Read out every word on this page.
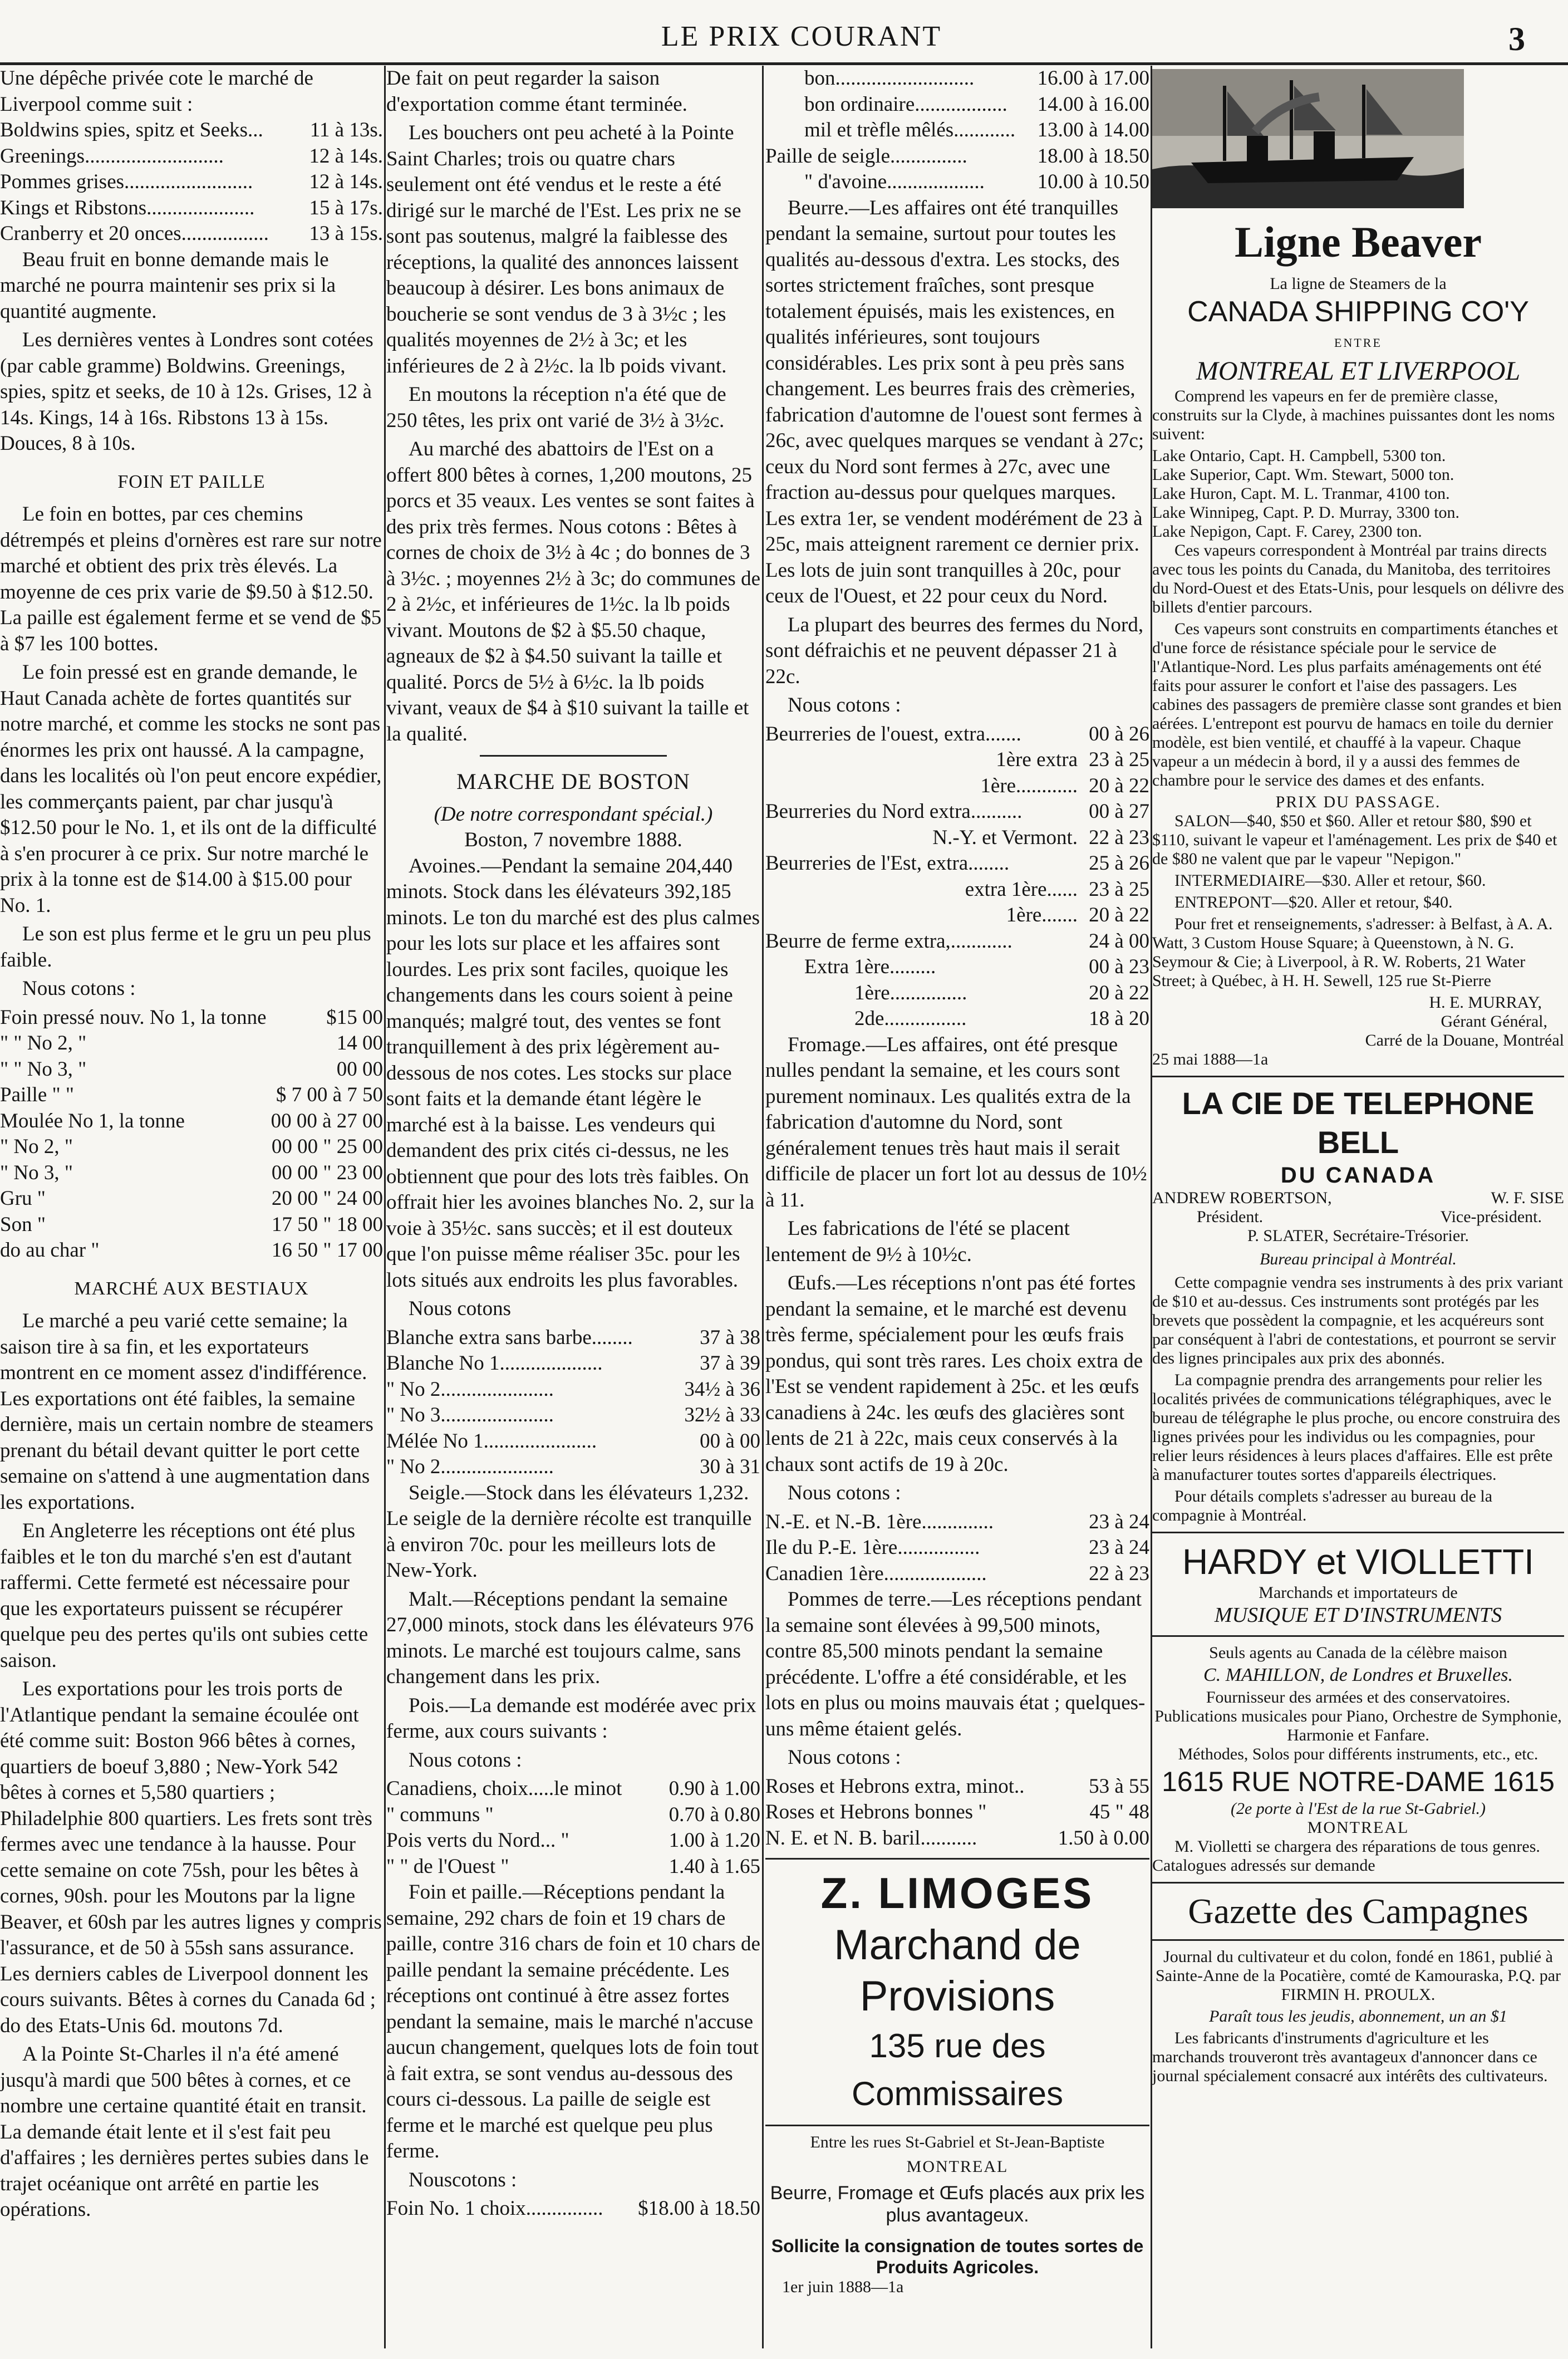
LE PRIX COURANT	3

Une dépêche privée cote le marché de

Liverpool comme suit :

Boldwins spies, spitz et Seeks...	11 à 13s.
Greenings...........................	12 à 14s.
Pommes grises.........................	12 à 14s.
Kings et Ribstons.....................	15 à 17s.
Cranberry et 20 onces.................	13 à 15s.

Beau fruit en bonne demande mais le marché ne pourra maintenir ses prix si la quantité augmente.

Les dernières ventes à Londres sont cotées (par cable gramme) Boldwins. Greenings, spies, spitz et seeks, de 10 à 12s. Grises, 12 à 14s. Kings, 14 à 16s. Ribstons 13 à 15s. Douces, 8 à 10s.

FOIN ET PAILLE

Le foin en bottes, par ces chemins détrempés et pleins d'ornères est rare sur notre marché et obtient des prix très élevés. La moyenne de ces prix varie de $9.50 à $12.50. La paille est également ferme et se vend de $5 à $7 les 100 bottes.

Le foin pressé est en grande demande, le Haut Canada achète de fortes quantités sur notre marché, et comme les stocks ne sont pas énormes les prix ont haussé. A la campagne, dans les localités où l'on peut encore expédier, les commerçants paient, par char jusqu'à $12.50 pour le No. 1, et ils ont de la difficulté à s'en procurer à ce prix. Sur notre marché le prix à la tonne est de $14.00 à $15.00 pour No. 1.

Le son est plus ferme et le gru un peu plus faible.

Nous cotons :

Foin pressé nouv. No 1, la tonne	$15 00
" " No 2, "	14 00
" " No 3, "	00 00
Paille " "	$ 7 00 à 7 50
Moulée No 1, la tonne	00 00 à 27 00
" No 2, "	00 00 " 25 00
" No 3, "	00 00 " 23 00
Gru "	20 00 " 24 00
Son "	17 50 " 18 00
do au char "	16 50 " 17 00
MARCHÉ AUX BESTIAUX

Le marché a peu varié cette semaine; la saison tire à sa fin, et les exportateurs montrent en ce moment assez d'indifférence. Les exportations ont été faibles, la semaine dernière, mais un certain nombre de steamers prenant du bétail devant quitter le port cette semaine on s'attend à une augmentation dans les exportations.

En Angleterre les réceptions ont été plus faibles et le ton du marché s'en est d'autant raffermi. Cette fermeté est nécessaire pour que les exportateurs puissent se récupérer quelque peu des pertes qu'ils ont subies cette saison.

Les exportations pour les trois ports de l'Atlantique pendant la semaine écoulée ont été comme suit: Boston 966 bêtes à cornes, quartiers de boeuf 3,880 ; New-York 542 bêtes à cornes et 5,580 quartiers ; Philadelphie 800 quartiers. Les frets sont très fermes avec une tendance à la hausse. Pour cette semaine on cote 75sh, pour les bêtes à cornes, 90sh. pour les Moutons par la ligne Beaver, et 60sh par les autres lignes y compris l'assurance, et de 50 à 55sh sans assurance. Les derniers cables de Liverpool donnent les cours suivants. Bêtes à cornes du Canada 6d ; do des Etats-Unis 6d. moutons 7d.

A la Pointe St-Charles il n'a été amené jusqu'à mardi que 500 bêtes à cornes, et ce nombre une certaine quantité était en transit. La demande était lente et il s'est fait peu d'affaires ; les dernières pertes subies dans le trajet océanique ont arrêté en partie les opérations.

De fait on peut regarder la saison d'exportation comme étant terminée.

Les bouchers ont peu acheté à la Pointe Saint Charles; trois ou quatre chars seulement ont été vendus et le reste a été dirigé sur le marché de l'Est. Les prix ne se sont pas soutenus, malgré la faiblesse des réceptions, la qualité des annonces laissent beaucoup à désirer. Les bons animaux de boucherie se sont vendus de 3 à 3½c ; les qualités moyennes de 2½ à 3c; et les inférieures de 2 à 2½c. la lb poids vivant.

En moutons la réception n'a été que de 250 têtes, les prix ont varié de 3½ à 3½c.

Au marché des abattoirs de l'Est on a offert 800 bêtes à cornes, 1,200 moutons, 25 porcs et 35 veaux. Les ventes se sont faites à des prix très fermes. Nous cotons : Bêtes à cornes de choix de 3½ à 4c ; do bonnes de 3 à 3½c. ; moyennes 2½ à 3c; do communes de 2 à 2½c, et inférieures de 1½c. la lb poids vivant. Moutons de $2 à $5.50 chaque, agneaux de $2 à $4.50 suivant la taille et qualité. Porcs de 5½ à 6½c. la lb poids vivant, veaux de $4 à $10 suivant la taille et la qualité.

MARCHE DE BOSTON
(De notre correspondant spécial.)
Boston, 7 novembre 1888.

Avoines.—Pendant la semaine 204,440 minots. Stock dans les élévateurs 392,185 minots. Le ton du marché est des plus calmes pour les lots sur place et les affaires sont lourdes. Les prix sont faciles, quoique les changements dans les cours soient à peine manqués; malgré tout, des ventes se font tranquillement à des prix légèrement au-dessous de nos cotes. Les stocks sur place sont faits et la demande étant légère le marché est à la baisse. Les vendeurs qui demandent des prix cités ci-dessus, ne les obtiennent que pour des lots très faibles. On offrait hier les avoines blanches No. 2, sur la voie à 35½c. sans succès; et il est douteux que l'on puisse même réaliser 35c. pour les lots situés aux endroits les plus favorables.

Nous cotons

Blanche extra sans barbe........	37 à 38
Blanche No 1....................	37 à 39
" No 2......................	34½ à 36
" No 3......................	32½ à 33
Mélée No 1......................	00 à 00
" No 2......................	30 à 31

Seigle.—Stock dans les élévateurs 1,232. Le seigle de la dernière récolte est tranquille à environ 70c. pour les meilleurs lots de New-York.

Malt.—Réceptions pendant la semaine 27,000 minots, stock dans les élévateurs 976 minots. Le marché est toujours calme, sans changement dans les prix.

Pois.—La demande est modérée avec prix ferme, aux cours suivants :

Nous cotons :

Canadiens, choix.....le minot	0.90 à 1.00
" communs "	0.70 à 0.80
Pois verts du Nord... "	1.00 à 1.20
" " de l'Ouest "	1.40 à 1.65

Foin et paille.—Réceptions pendant la semaine, 292 chars de foin et 19 chars de paille, contre 316 chars de foin et 10 chars de paille pendant la semaine précédente. Les réceptions ont continué à être assez fortes pendant la semaine, mais le marché n'accuse aucun changement, quelques lots de foin tout à fait extra, se sont vendus au-dessous des cours ci-dessous. La paille de seigle est ferme et le marché est quelque peu plus ferme.

Nouscotons :

Foin No. 1 choix...............	$18.00 à 18.50
bon...........................	16.00 à 17.00
bon ordinaire..................	14.00 à 16.00
mil et trèfle mêlés............	13.00 à 14.00
Paille de seigle...............	18.00 à 18.50
" d'avoine...................	10.00 à 10.50

Beurre.—Les affaires ont été tranquilles pendant la semaine, surtout pour toutes les qualités au-dessous d'extra. Les stocks, des sortes strictement fraîches, sont presque totalement épuisés, mais les existences, en qualités inférieures, sont toujours considérables. Les prix sont à peu près sans changement. Les beurres frais des crèmeries, fabrication d'automne de l'ouest sont fermes à 26c, avec quelques marques se vendant à 27c; ceux du Nord sont fermes à 27c, avec une fraction au-dessus pour quelques marques. Les extra 1er, se vendent modérément de 23 à 25c, mais atteignent rarement ce dernier prix. Les lots de juin sont tranquilles à 20c, pour ceux de l'Ouest, et 22 pour ceux du Nord.

La plupart des beurres des fermes du Nord, sont défraichis et ne peuvent dépasser 21 à 22c.

Nous cotons :

Beurreries de l'ouest, extra.......	00 à 26
1ère extra 23 à 25
1ère............ 20 à 22
Beurreries du Nord extra..........	00 à 27
N.-Y. et Vermont. 22 à 23
Beurreries de l'Est, extra........	25 à 26
extra 1ère...... 23 à 25
1ère....... 20 à 22
Beurre de ferme extra,............	24 à 00
Extra 1ère.........	00 à 23
1ère...............	20 à 22
2de................	18 à 20

Fromage.—Les affaires, ont été presque nulles pendant la semaine, et les cours sont purement nominaux. Les qualités extra de la fabrication d'automne du Nord, sont généralement tenues très haut mais il serait difficile de placer un fort lot au dessus de 10½ à 11.

Les fabrications de l'été se placent lentement de 9½ à 10½c.

Œufs.—Les réceptions n'ont pas été fortes pendant la semaine, et le marché est devenu très ferme, spécialement pour les œufs frais pondus, qui sont très rares. Les choix extra de l'Est se vendent rapidement à 25c. et les œufs canadiens à 24c. les œufs des glacières sont lents de 21 à 22c, mais ceux conservés à la chaux sont actifs de 19 à 20c.

Nous cotons :

N.-E. et N.-B. 1ère..............	23 à 24
Ile du P.-E. 1ère................	23 à 24
Canadien 1ère....................	22 à 23

Pommes de terre.—Les réceptions pendant la semaine sont élevées à 99,500 minots, contre 85,500 minots pendant la semaine précédente. L'offre a été considérable, et les lots en plus ou moins mauvais état ; quelques-uns même étaient gelés.

Nous cotons :

Roses et Hebrons extra, minot..	53 à 55
Roses et Hebrons bonnes "	45 " 48
N. E. et N. B. baril...........	1.50 à 0.00
Z. LIMOGES
Marchand de Provisions
135 rue des Commissaires
Entre les rues St-Gabriel et St-Jean-Baptiste
MONTREAL
Beurre, Fromage et Œufs placés aux prix les plus avantageux.
Sollicite la consignation de toutes sortes de Produits Agricoles.
1er juin 1888—1a
Ligne Beaver
La ligne de Steamers de la
CANADA SHIPPING CO'Y
ENTRE
MONTREAL ET LIVERPOOL

Comprend les vapeurs en fer de première classe, construits sur la Clyde, à machines puissantes dont les noms suivent:

Lake Ontario, Capt. H. Campbell, 5300 ton.
Lake Superior, Capt. Wm. Stewart, 5000 ton.
Lake Huron, Capt. M. L. Tranmar, 4100 ton.
Lake Winnipeg, Capt. P. D. Murray, 3300 ton.
Lake Nepigon, Capt. F. Carey, 2300 ton.

Ces vapeurs correspondent à Montréal par trains directs avec tous les points du Canada, du Manitoba, des territoires du Nord-Ouest et des Etats-Unis, pour lesquels on délivre des billets d'entier parcours.

Ces vapeurs sont construits en compartiments étanches et d'une force de résistance spéciale pour le service de l'Atlantique-Nord. Les plus parfaits aménagements ont été faits pour assurer le confort et l'aise des passagers. Les cabines des passagers de première classe sont grandes et bien aérées. L'entrepont est pourvu de hamacs en toile du dernier modèle, est bien ventilé, et chauffé à la vapeur. Chaque vapeur a un médecin à bord, il y a aussi des femmes de chambre pour le service des dames et des enfants.

PRIX DU PASSAGE.

SALON—$40, $50 et $60. Aller et retour $80, $90 et $110, suivant le vapeur et l'aménagement. Les prix de $40 et de $80 ne valent que par le vapeur "Nepigon."

INTERMEDIAIRE—$30. Aller et retour, $60.

ENTREPONT—$20. Aller et retour, $40.

Pour fret et renseignements, s'adresser: à Belfast, à A. A. Watt, 3 Custom House Square; à Queenstown, à N. G. Seymour & Cie; à Liverpool, à R. W. Roberts, 21 Water Street; à Québec, à H. H. Sewell, 125 rue St-Pierre

H. E. MURRAY,
Gérant Général,
Carré de la Douane, Montréal
25 mai 1888—1a
LA CIE DE TELEPHONE BELL
DU CANADA
ANDREW ROBERTSON,	W. F. SISE
Président.	Vice-président.
P. SLATER, Secrétaire-Trésorier.
Bureau principal à Montréal.

Cette compagnie vendra ses instruments à des prix variant de $10 et au-dessus. Ces instruments sont protégés par les brevets que possèdent la compagnie, et les acquéreurs sont par conséquent à l'abri de contestations, et pourront se servir des lignes principales aux prix des abonnés.

La compagnie prendra des arrangements pour relier les localités privées de communications télégraphiques, avec le bureau de télégraphe le plus proche, ou encore construira des lignes privées pour les individus ou les compagnies, pour relier leurs résidences à leurs places d'affaires. Elle est prête à manufacturer toutes sortes d'appareils électriques.

Pour détails complets s'adresser au bureau de la compagnie à Montréal.

HARDY et VIOLLETTI
Marchands et importateurs de
MUSIQUE ET D'INSTRUMENTS
Seuls agents au Canada de la célèbre maison
C. MAHILLON, de Londres et Bruxelles.
Fournisseur des armées et des conservatoires.
Publications musicales pour Piano, Orchestre de Symphonie, Harmonie et Fanfare.
Méthodes, Solos pour différents instruments, etc., etc.
1615 RUE NOTRE-DAME 1615
(2e porte à l'Est de la rue St-Gabriel.)
MONTREAL

M. Violletti se chargera des réparations de tous genres. Catalogues adressés sur demande

Gazette des Campagnes

Journal du cultivateur et du colon, fondé en 1861, publié à Sainte-Anne de la Pocatière, comté de Kamouraska, P.Q. par FIRMIN H. PROULX.

Paraît tous les jeudis, abonnement, un an $1

Les fabricants d'instruments d'agriculture et les marchands trouveront très avantageux d'annoncer dans ce journal spécialement consacré aux intérêts des cultivateurs.
